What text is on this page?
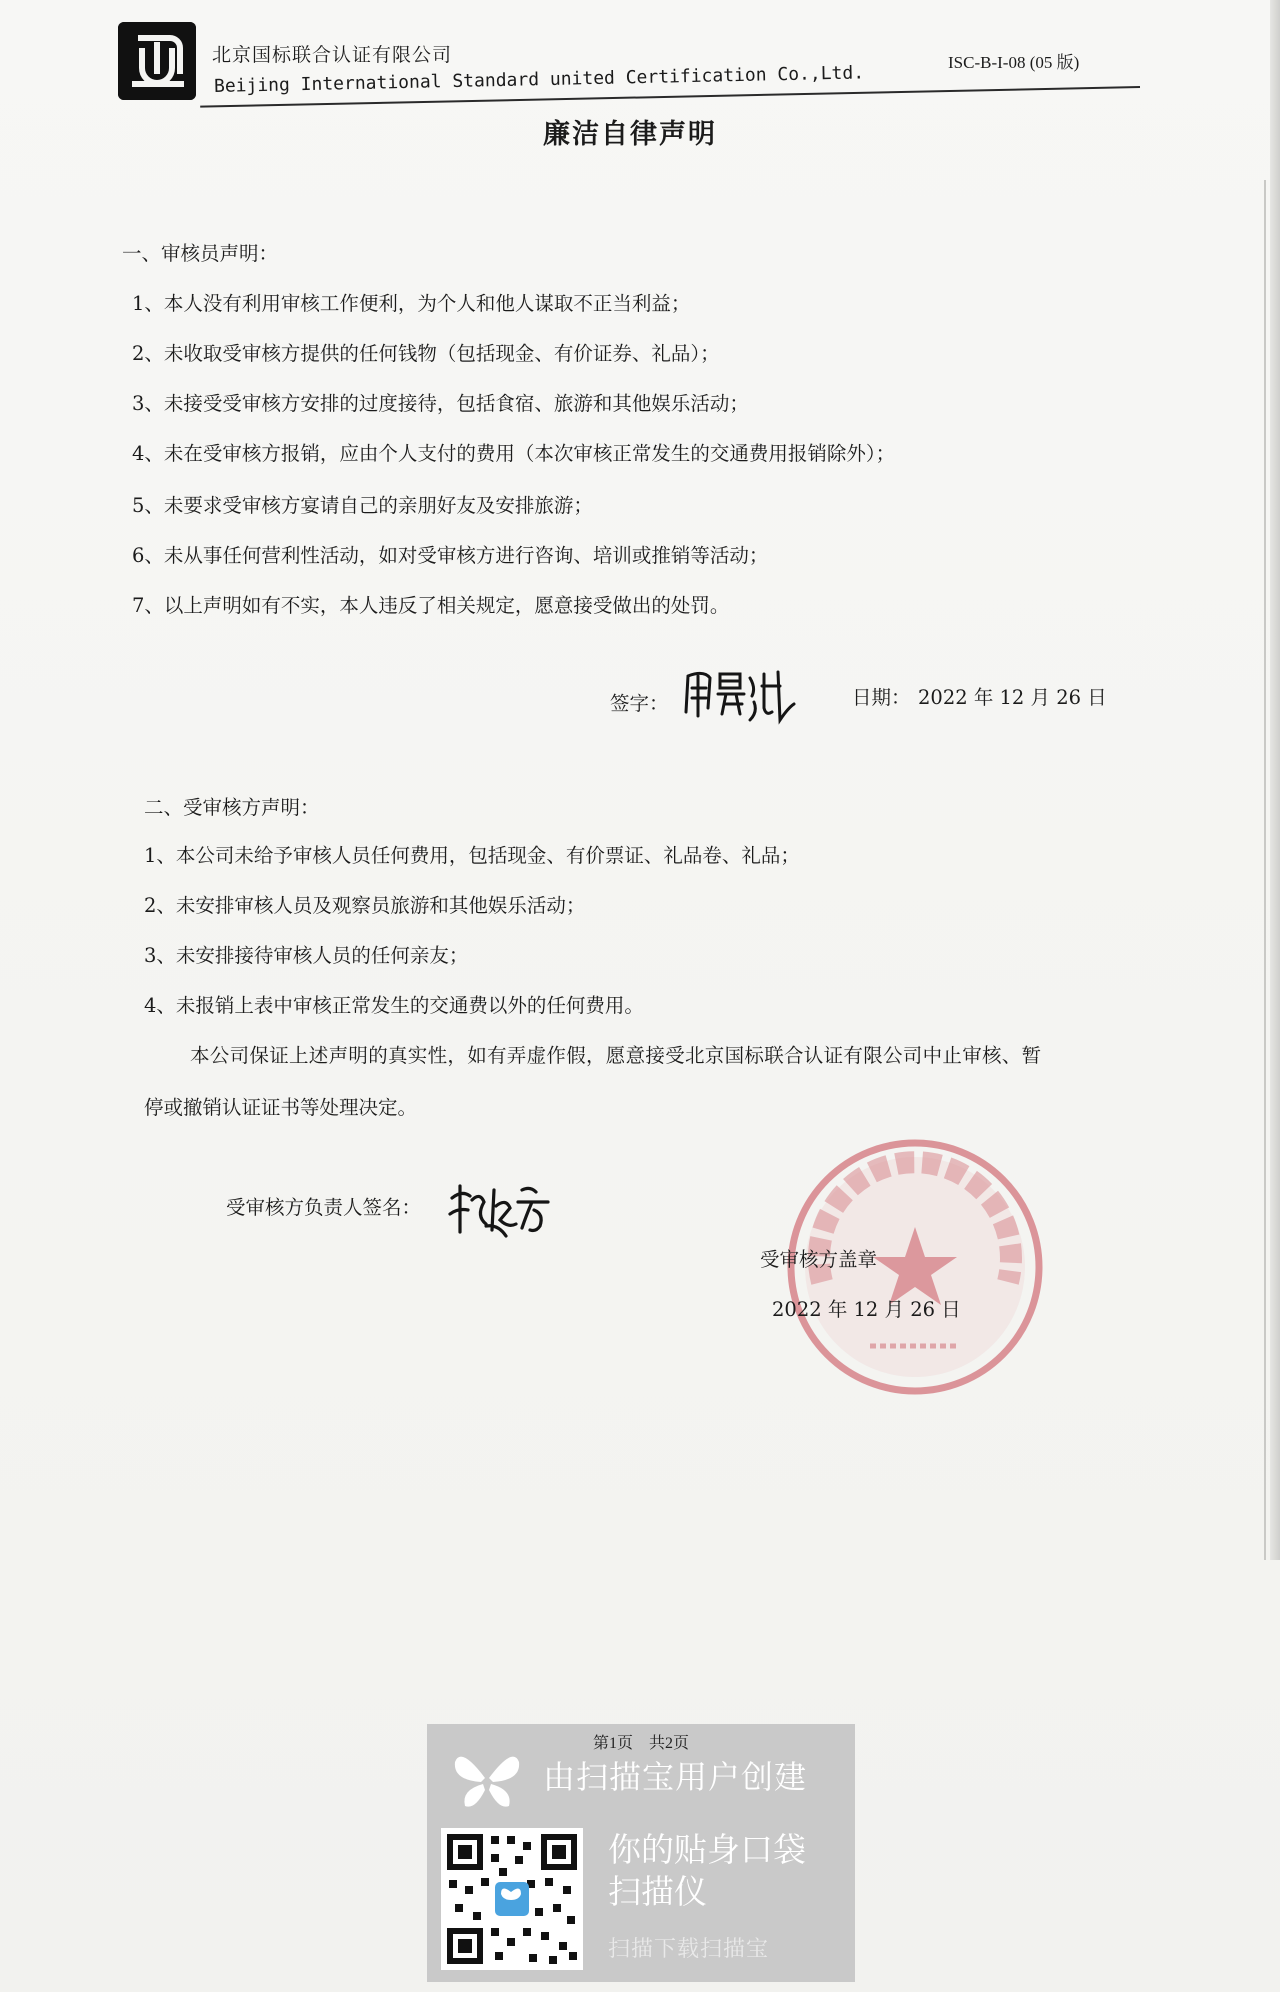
北京国标联合认证有限公司
Beijing International Standard united Certification Co.,Ltd.	ISC-B-I-08 (05 版)
廉洁自律声明
一、审核员声明：
1、本人没有利用审核工作便利，为个人和他人谋取不正当利益；
2、未收取受审核方提供的任何钱物（包括现金、有价证券、礼品）；
3、未接受受审核方安排的过度接待，包括食宿、旅游和其他娱乐活动；
4、未在受审核方报销，应由个人支付的费用（本次审核正常发生的交通费用报销除外）；
5、未要求受审核方宴请自己的亲朋好友及安排旅游；
6、未从事任何营利性活动，如对受审核方进行咨询、培训或推销等活动；
7、以上声明如有不实，本人违反了相关规定，愿意接受做出的处罚。
签字：	日期： 2022 年 12 月 26 日
二、受审核方声明：
1、本公司未给予审核人员任何费用，包括现金、有价票证、礼品卷、礼品；
2、未安排审核人员及观察员旅游和其他娱乐活动；
3、未安排接待审核人员的任何亲友；
4、未报销上表中审核正常发生的交通费以外的任何费用。
本公司保证上述声明的真实性，如有弄虚作假，愿意接受北京国标联合认证有限公司中止审核、暂
停或撤销认证证书等处理决定。
受审核方负责人签名：
受审核方盖章
2022 年 12 月 26 日
第1页　共2页
由扫描宝用户创建
你的贴身口袋
扫描仪
扫描下载扫描宝
